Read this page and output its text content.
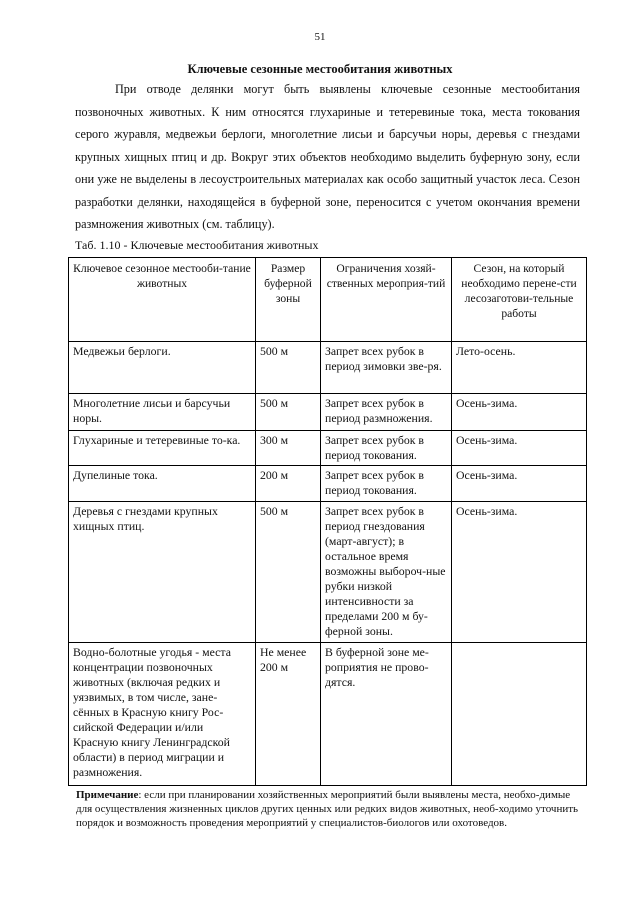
51
Ключевые сезонные местообитания животных

При отводе делянки могут быть выявлены ключевые сезонные местообитания позвоночных животных. К ним относятся глухариные и тетеревиные тока, места токования серого журавля, медвежьи берлоги, многолетние лисьи и барсучьи норы, деревья с гнездами крупных хищных птиц и др. Вокруг этих объектов необходимо выделить буферную зону, если они уже не выделены в лесоустроительных материалах как особо защитный участок леса. Сезон разработки делянки, находящейся в буферной зоне, переносится с учетом окончания времени размножения животных (см. таблицу).

Таб. 1.10 - Ключевые местообитания животных
Ключевое сезонное местооби-тание животных	Размер буферной зоны	Ограничения хозяй-ственных мероприя-тий	Сезон, на который необходимо перене-сти лесозаготови-тельные работы
Медвежьи берлоги.	500 м	Запрет всех рубок в период зимовки зве-ря.	Лето-осень.
Многолетние лисьи и барсучьи норы.	500 м	Запрет всех рубок в период размножения.	Осень-зима.
Глухариные и тетеревиные то-ка.	300 м	Запрет всех рубок в период токования.	Осень-зима.
Дупелиные тока.	200 м	Запрет всех рубок в период токования.	Осень-зима.
Деревья с гнездами крупных хищных птиц.	500 м	Запрет всех рубок в период гнездования (март-август); в остальное время возможны выбороч-ные рубки низкой интенсивности за пределами 200 м бу-ферной зоны.	Осень-зима.
Водно-болотные угодья - места концентрации позвоночных животных (включая редких и уязвимых, в том числе, зане-сённых в Красную книгу Рос-сийской Федерации и/или Красную книгу Ленинградской области) в период миграции и размножения.	Не менее 200 м	В буферной зоне ме-роприятия не прово-дятся.	
Примечание: если при планировании хозяйственных мероприятий были выявлены места, необхо-димые для осуществления жизненных циклов других ценных или редких видов животных, необ-ходимо уточнить порядок и возможность проведения мероприятий у специалистов-биологов или охотоведов.
